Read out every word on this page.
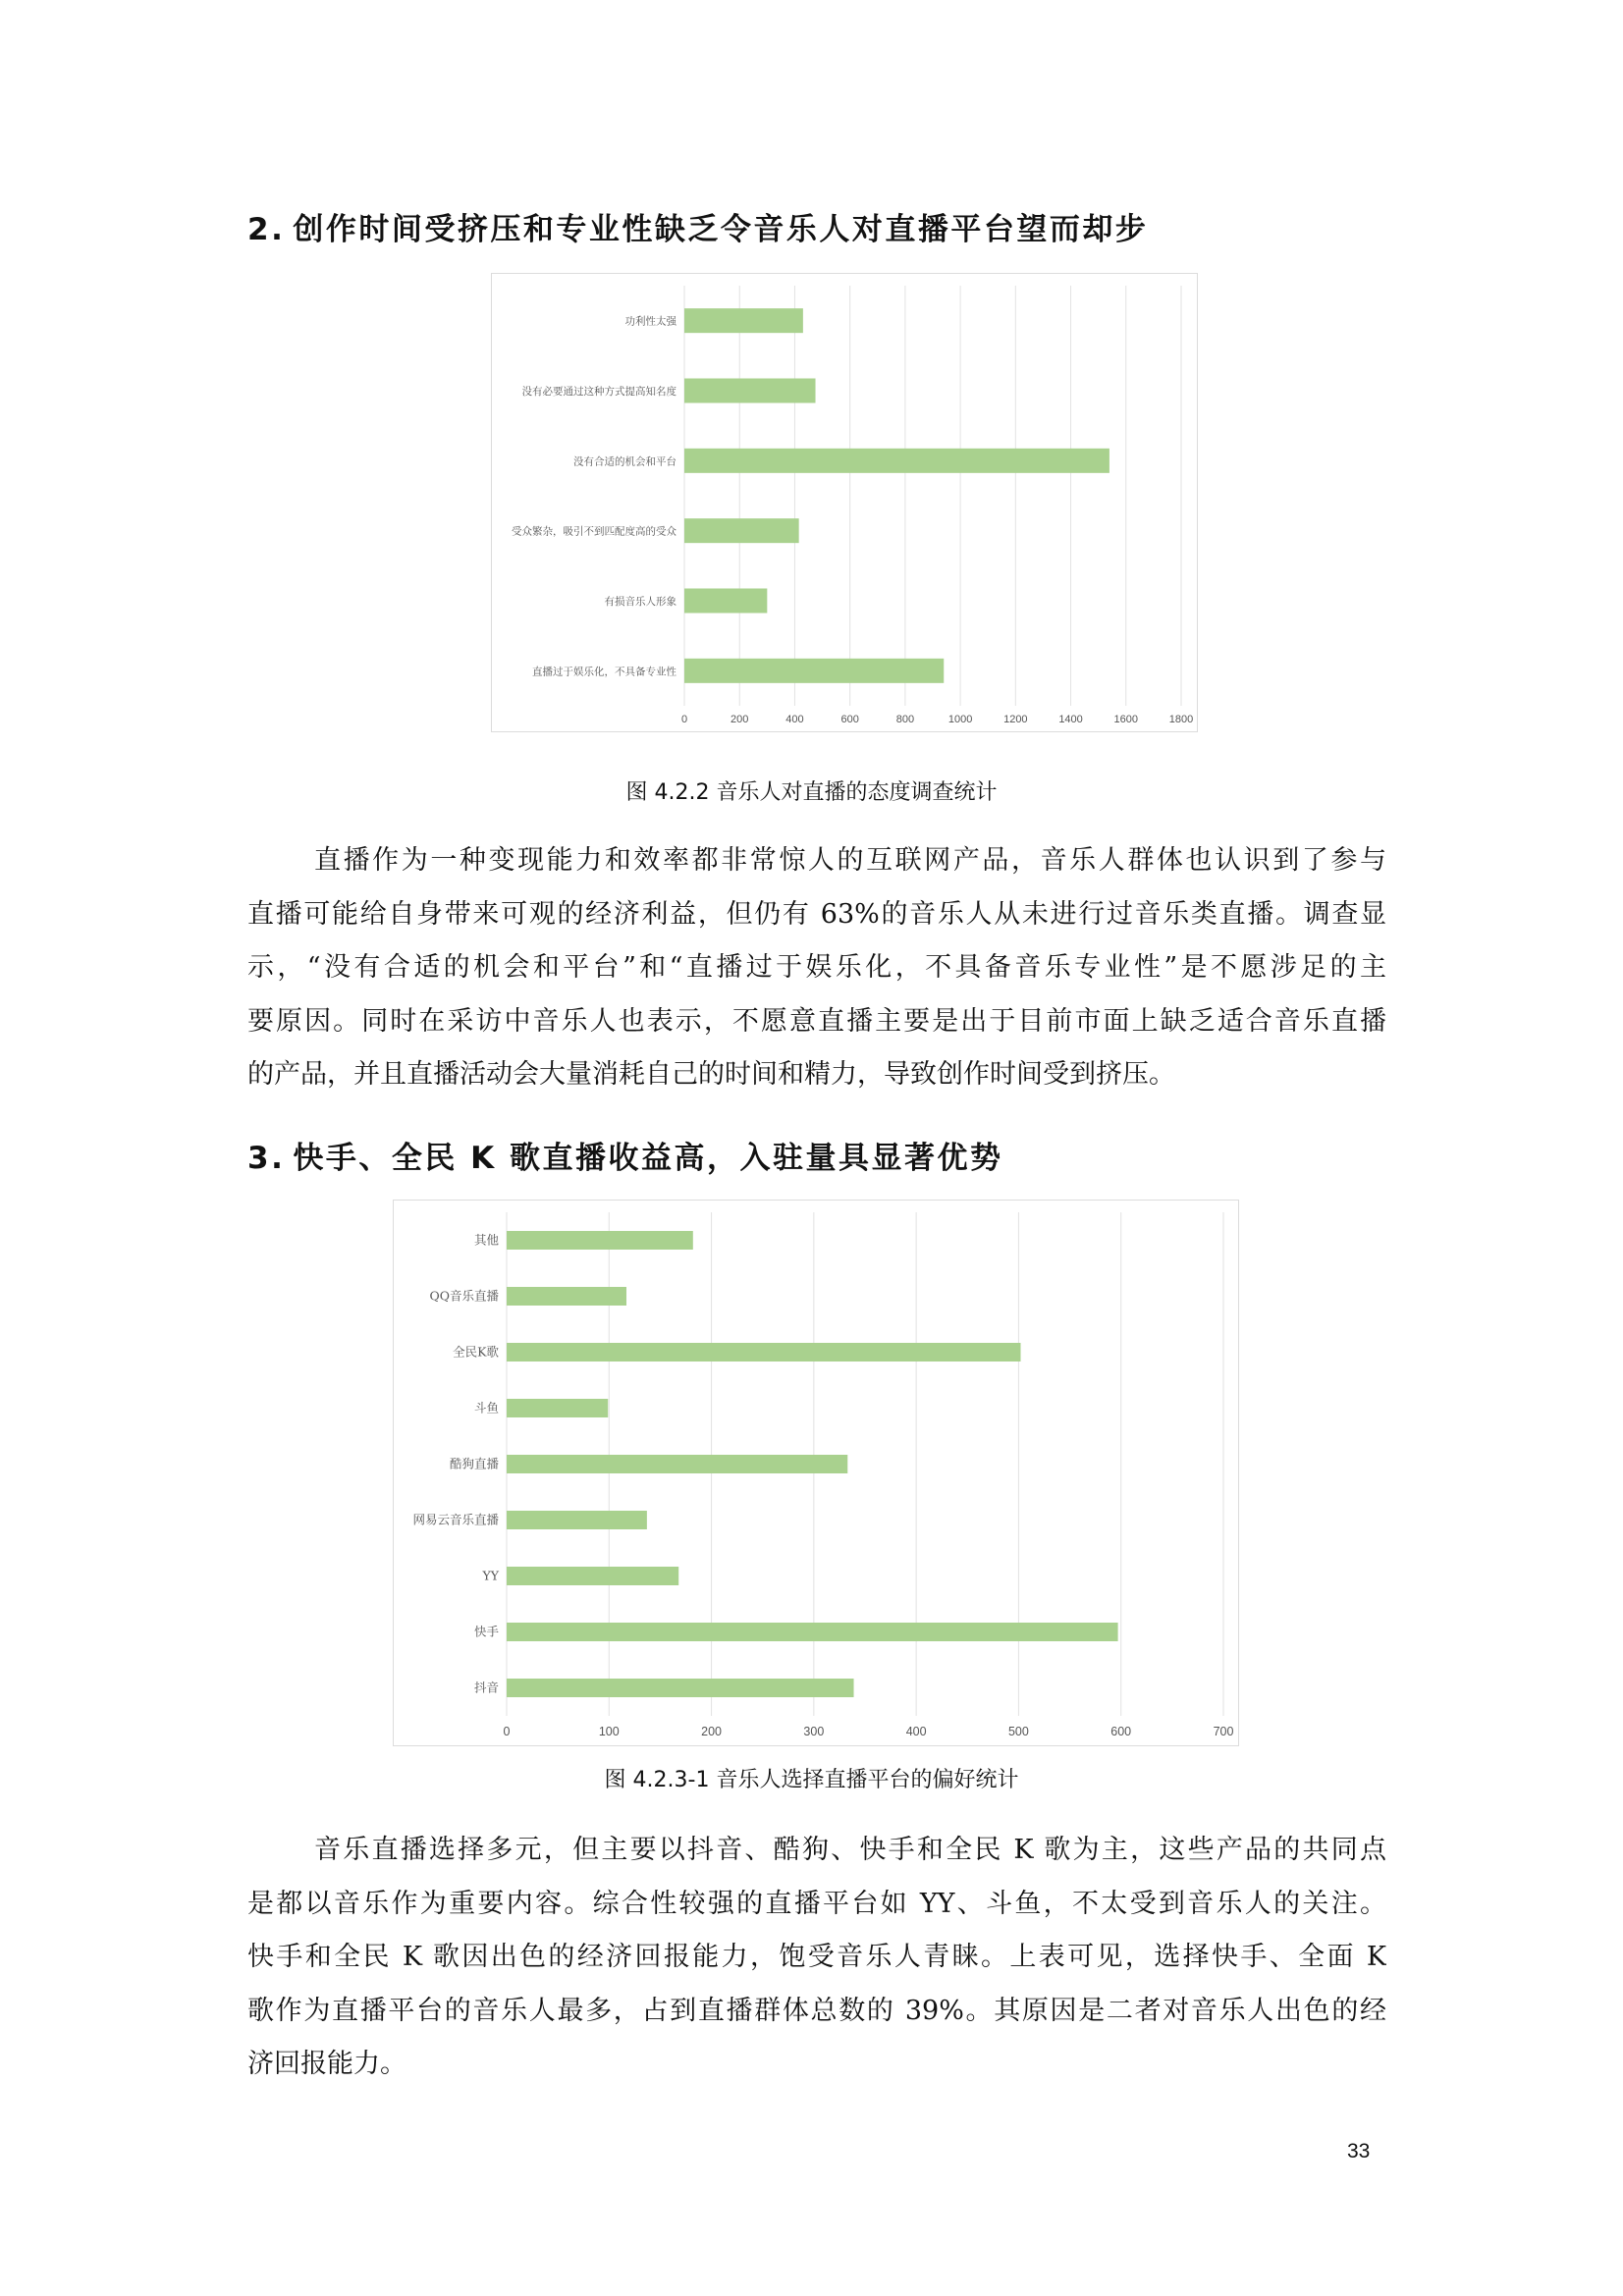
2. 创作时间受挤压和专业性缺乏令音乐人对直播平台望而却步
功利性太强
没有必要通过这种方式提高知名度
没有合适的机会和平台
受众繁杂，吸引不到匹配度高的受众
有损音乐人形象
直播过于娱乐化，不具备专业性
0	200	400	600	800	1000	1200	1400	1600	1800
图 4.2.2 音乐人对直播的态度调查统计
直播作为一种变现能力和效率都非常惊人的互联网产品，音乐人群体也认识到了参与
直播可能给自身带来可观的经济利益，但仍有 63%的音乐人从未进行过音乐类直播。调查显
示，“没有合适的机会和平台”和“直播过于娱乐化，不具备音乐专业性”是不愿涉足的主
要原因。同时在采访中音乐人也表示，不愿意直播主要是出于目前市面上缺乏适合音乐直播
的产品，并且直播活动会大量消耗自己的时间和精力，导致创作时间受到挤压。
3. 快手、全民 K 歌直播收益高，入驻量具显著优势
其他
QQ音乐直播
全民K歌
斗鱼
酷狗直播
网易云音乐直播
YY
快手
抖音
0	100	200	300	400	500	600	700
图 4.2.3-1 音乐人选择直播平台的偏好统计
音乐直播选择多元，但主要以抖音、酷狗、快手和全民 K 歌为主，这些产品的共同点
是都以音乐作为重要内容。综合性较强的直播平台如 YY、斗鱼，不太受到音乐人的关注。
快手和全民 K 歌因出色的经济回报能力，饱受音乐人青睐。上表可见，选择快手、全面 K
歌作为直播平台的音乐人最多，占到直播群体总数的 39%。其原因是二者对音乐人出色的经
济回报能力。
33
